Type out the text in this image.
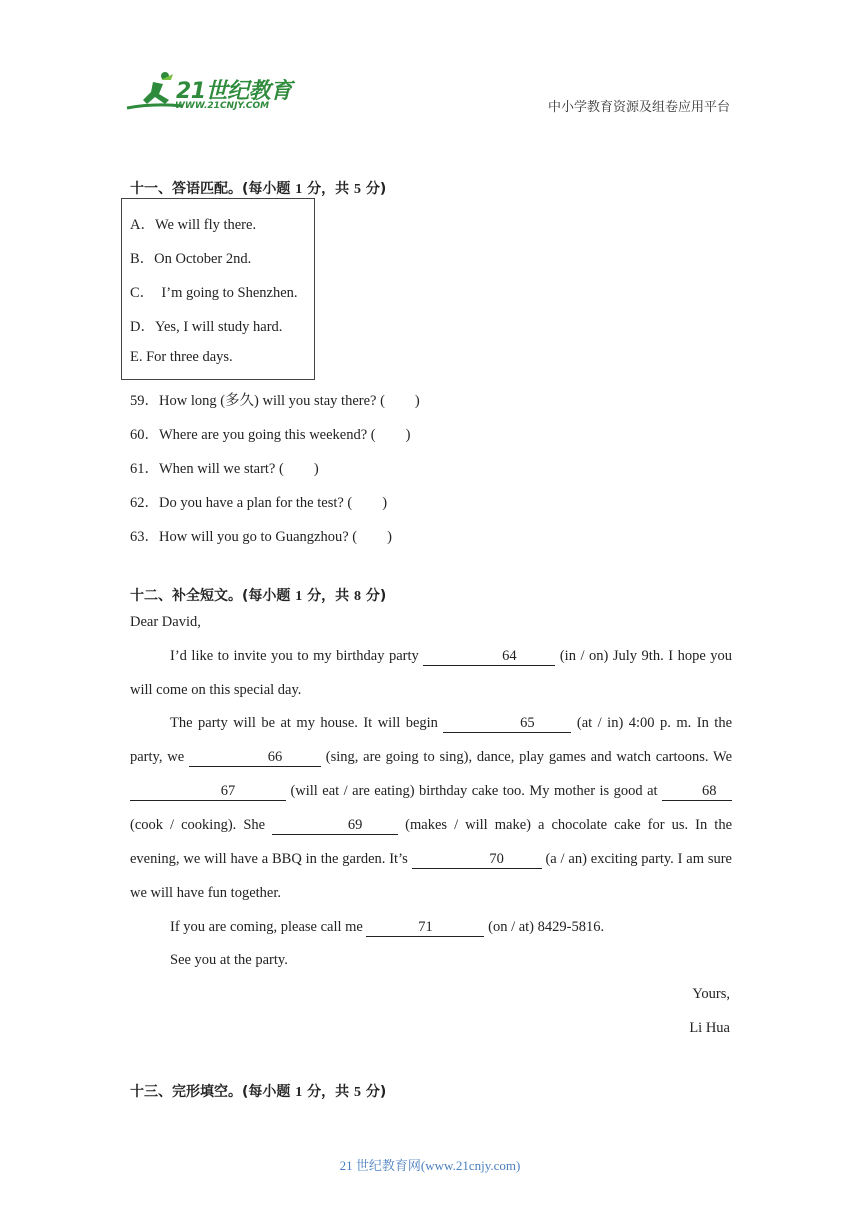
21世纪教育
WWW.21CNJY.COM	中小学教育资源及组卷应用平台
十一、答语匹配。(每小题 1 分，共 5 分)
A．We will fly there.
B．On October 2nd.
C．  I’m going to Shenzhen.
D．Yes, I will study hard.
E. For three days.
59．How long (多久) will you stay there? ( )
60．Where are you going this weekend? ( )
61．When will we start? ( )
62．Do you have a plan for the test? ( )
63．How will you go to Guangzhou? ( )
十二、补全短文。(每小题 1 分，共 8 分)
Dear David,
I’d like to invite you to my birthday party	64	(in / on) July 9th. I hope you will come on this special day.
The party will be at my house. It will begin	65	(at / in) 4:00 p. m. In the party, we	66	(sing, are going to sing), dance, play games and watch cartoons. We 67	(will eat / are eating) birthday cake too. My mother is good at	68 (cook / cooking). She	69	(makes / will make) a chocolate cake for us. In the evening, we will have a BBQ in the garden. It’s	70	(a / an) exciting party. I am sure we will have fun together.
If you are coming, please call me	71	(on / at) 8429-5816.
See you at the party.
Yours,
Li Hua
十三、完形填空。(每小题 1 分，共 5 分)
21 世纪教育网(www.21cnjy.com)
